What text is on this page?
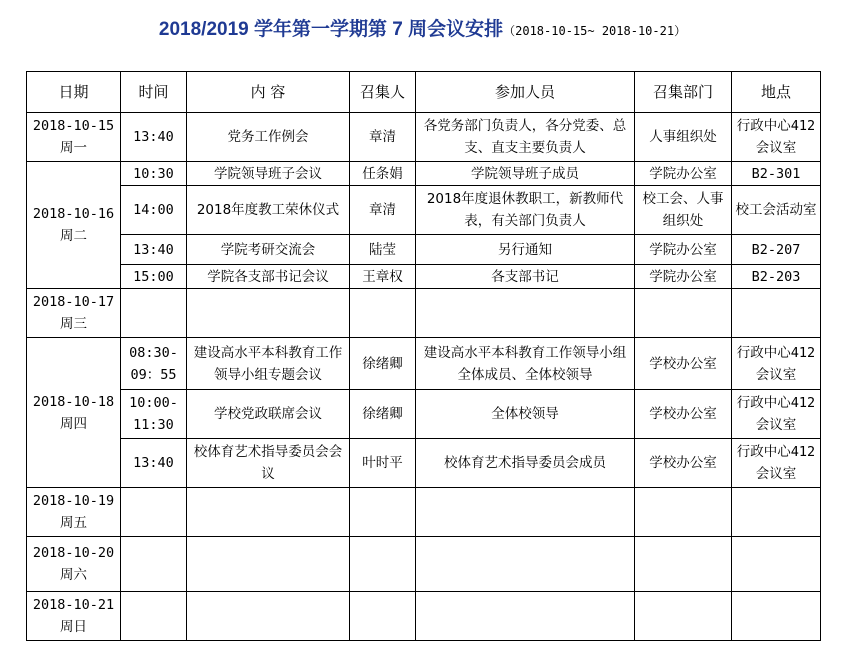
2018/2019 学年第一学期第 7 周会议安排（2018-10-15~ 2018-10-21）
日期	时间	内 容	召集人	参加人员	召集部门	地点

2018-10-15
周一	13:40	党务工作例会	章清	各党务部门负责人，各分党委、总支、直支主要负责人	人事组织处	行政中心412会议室

2018-10-16
周二	10:30	学院领导班子会议	任条娟	学院领导班子成员	学院办公室	B2-301
	14:00	2018年度教工荣休仪式	章清	2018年度退休教职工，新教师代表，有关部门负责人	校工会、人事组织处	校工会活动室
	13:40	学院考研交流会	陆莹	另行通知	学院办公室	B2-207
	15:00	学院各支部书记会议	王章权	各支部书记	学院办公室	B2-203

2018-10-17
周三						

2018-10-18
周四	08:30-09：55	建设高水平本科教育工作领导小组专题会议	徐绪卿	建设高水平本科教育工作领导小组全体成员、全体校领导	学校办公室	行政中心412会议室
	10:00-11:30	学校党政联席会议	徐绪卿	全体校领导	学校办公室	行政中心412会议室
	13:40	校体育艺术指导委员会会议	叶时平	校体育艺术指导委员会成员	学校办公室	行政中心412会议室

2018-10-19
周五						

2018-10-20
周六						

2018-10-21
周日						
